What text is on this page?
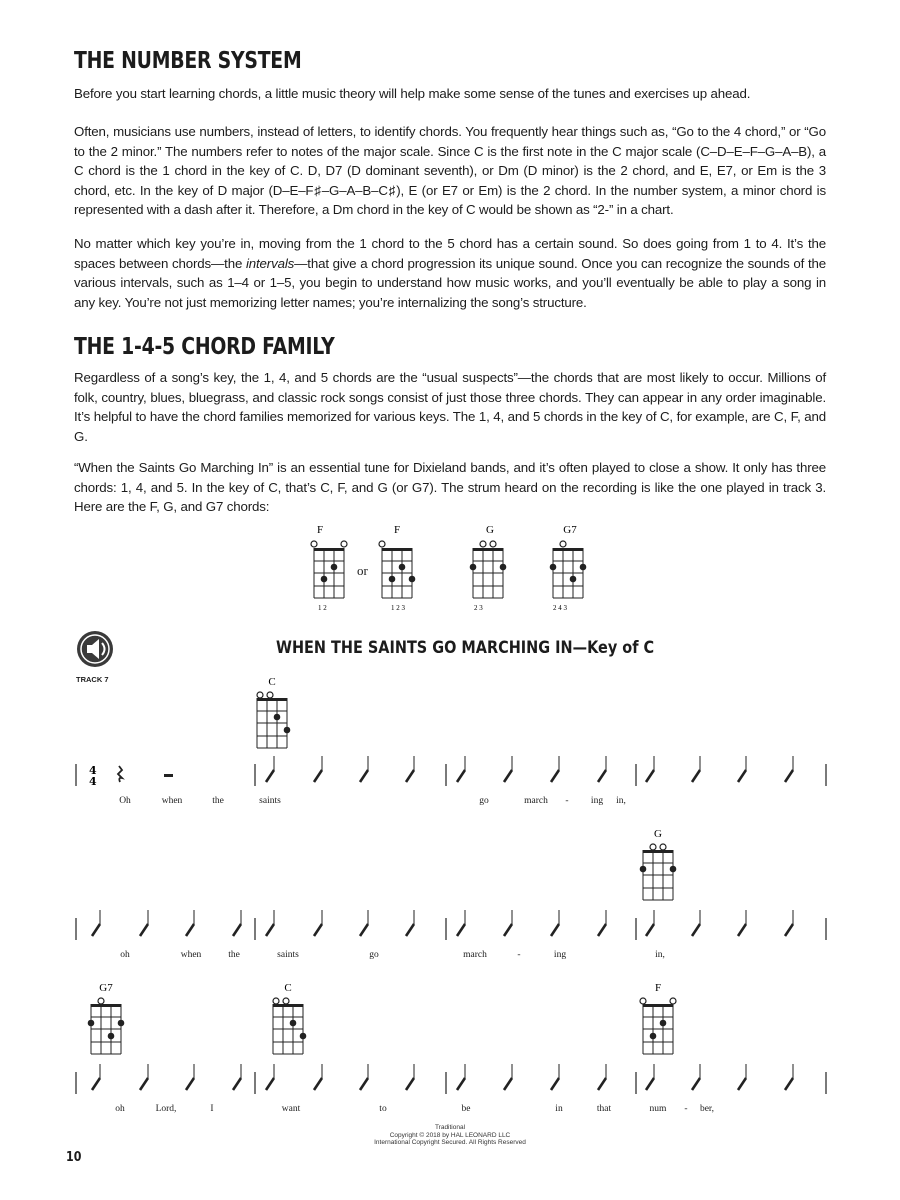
THE NUMBER SYSTEM

Before you start learning chords, a little music theory will help make some sense of the tunes and exercises up ahead.

Often, musicians use numbers, instead of letters, to identify chords. You frequently hear things such as, “Go to the 4 chord,” or “Go to the 2 minor.” The numbers refer to notes of the major scale. Since C is the first note in the C major scale (C–D–E–F–G–A–B), a C chord is the 1 chord in the key of C. D, D7 (D dominant seventh), or Dm (D minor) is the 2 chord, and E, E7, or Em is the 3 chord, etc. In the key of D major (D–E–F♯–G–A–B–C♯), E (or E7 or Em) is the 2 chord. In the number system, a minor chord is represented with a dash after it. Therefore, a Dm chord in the key of C would be shown as “2-” in a chart.

No matter which key you’re in, moving from the 1 chord to the 5 chord has a certain sound. So does going from 1 to 4. It’s the spaces between chords—the intervals—that give a chord progression its unique sound. Once you can recognize the sounds of the various intervals, such as 1–4 or 1–5, you begin to understand how music works, and you’ll eventually be able to play a song in any key. You’re not just memorizing letter names; you’re internalizing the song’s structure.

THE 1-4-5 CHORD FAMILY

Regardless of a song’s key, the 1, 4, and 5 chords are the “usual suspects”—the chords that are most likely to occur. Millions of folk, country, blues, bluegrass, and classic rock songs consist of just those three chords. They can appear in any order imaginable. It’s helpful to have the chord families memorized for various keys. The 1, 4, and 5 chords in the key of C, for example, are C, F, and G.

“When the Saints Go Marching In” is an essential tune for Dixieland bands, and it’s often played to close a show. It only has three chords: 1, 4, and 5. In the key of C, that’s C, F, and G (or G7). The strum heard on the recording is like the one played in track 3. Here are the F, G, and G7 chords:

F
1 2
or
F
1 2 3
G
2 3
G7
2 4 3
TRACK 7
WHEN THE SAINTS GO MARCHING IN—Key of C
C
G
G7	C	F
4
4
Oh	when	the	saints	go	march - ing in,
oh	when	the	saints	go	march	-	ing	in,
oh	Lord,	I	want	to	be	in	that	num - ber,
Traditional
Copyright © 2018 by HAL LEONARD LLC
International Copyright Secured. All Rights Reserved
10
